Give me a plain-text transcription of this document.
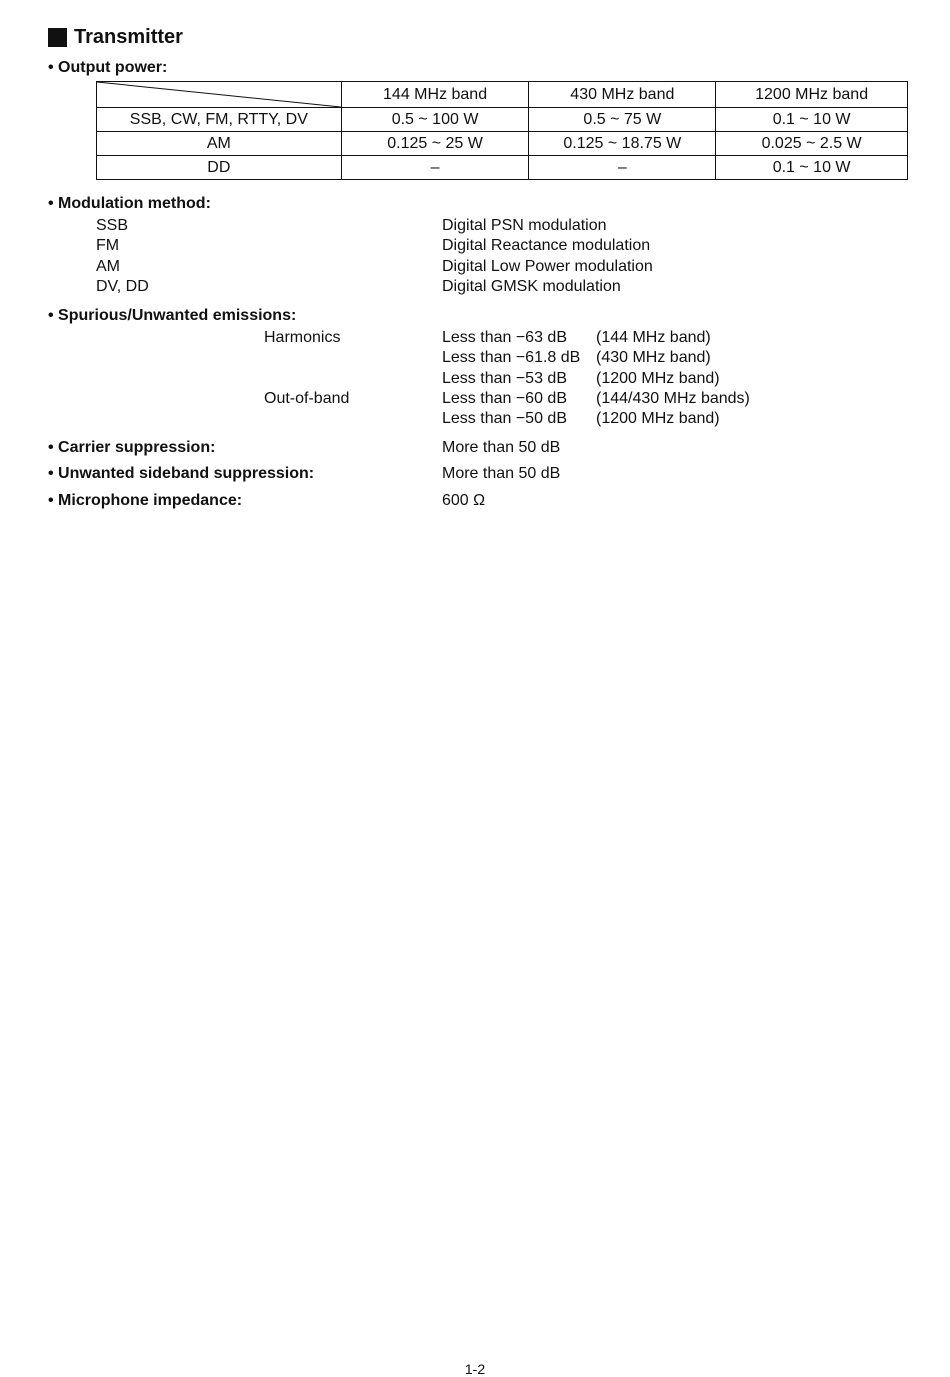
Transmitter
• Output power:
	144 MHz band	430 MHz band	1200 MHz band
SSB, CW, FM, RTTY, DV	0.5 ~ 100 W	0.5 ~ 75 W	0.1 ~ 10 W
AM	0.125 ~ 25 W	0.125 ~ 18.75 W	0.025 ~ 2.5 W
DD	–	–	0.1 ~ 10 W
• Modulation method:
SSB	Digital PSN modulation
FM	Digital Reactance modulation
AM	Digital Low Power modulation
DV, DD	Digital GMSK modulation
• Spurious/Unwanted emissions:
Harmonics	Less than −63 dB (144 MHz band)
Less than −61.8 dB (430 MHz band)
Less than −53 dB (1200 MHz band)
Out-of-band	Less than −60 dB (144/430 MHz bands)
Less than −50 dB (1200 MHz band)
• Carrier suppression:	More than 50 dB
• Unwanted sideband suppression:	More than 50 dB
• Microphone impedance:	600 Ω
1-2
